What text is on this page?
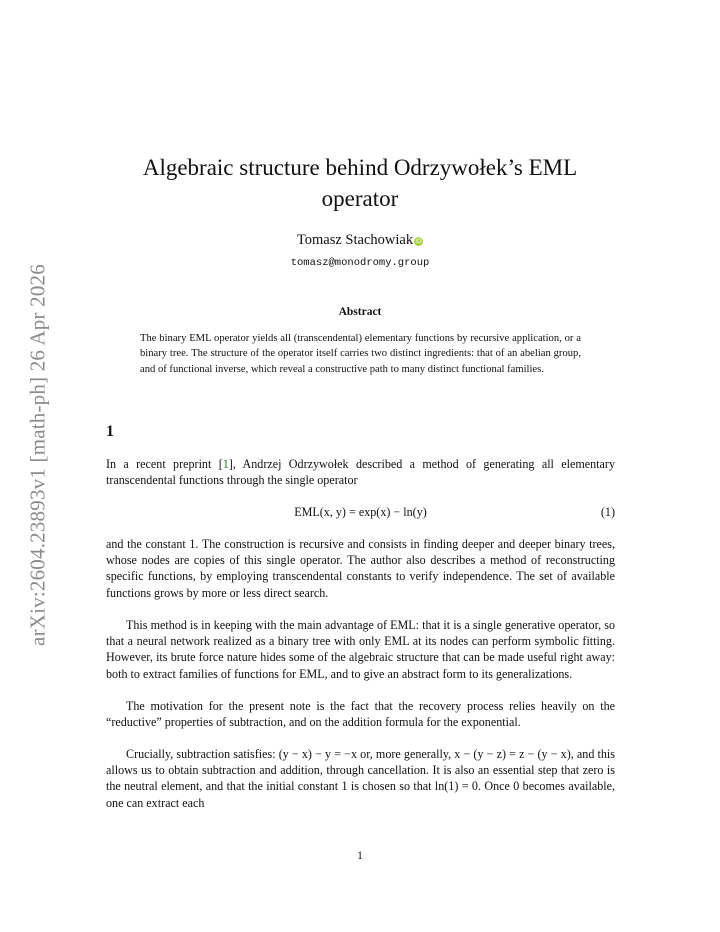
arXiv:2604.23893v1 [math-ph] 26 Apr 2026
Algebraic structure behind Odrzywołek’s EML
operator
Tomasz Stachowiak iD
tomasz@monodromy.group
Abstract
The binary EML operator yields all (transcendental) elementary functions by recursive application, or a binary tree. The structure of the operator itself carries two distinct ingredients: that of an abelian group, and of functional inverse, which reveal a constructive path to many distinct functional families.
1

In a recent preprint [1], Andrzej Odrzywołek described a method of generating all elementary transcendental functions through the single operator

EML(x, y) = exp(x) − ln(y)	(1)

and the constant 1. The construction is recursive and consists in finding deeper and deeper binary trees, whose nodes are copies of this single operator. The author also describes a method of reconstructing specific functions, by employing transcendental constants to verify independence. The set of available functions grows by more or less direct search.

This method is in keeping with the main advantage of EML: that it is a single generative operator, so that a neural network realized as a binary tree with only EML at its nodes can perform symbolic fitting. However, its brute force nature hides some of the algebraic structure that can be made useful right away: both to extract families of functions for EML, and to give an abstract form to its generalizations.

The motivation for the present note is the fact that the recovery process relies heavily on the “reductive” properties of subtraction, and on the addition formula for the exponential.

Crucially, subtraction satisfies: (y − x) − y = −x or, more generally, x − (y − z) = z − (y − x), and this allows us to obtain subtraction and addition, through cancellation. It is also an essential step that zero is the neutral element, and that the initial constant 1 is chosen so that ln(1) = 0. Once 0 becomes available, one can extract each

1
